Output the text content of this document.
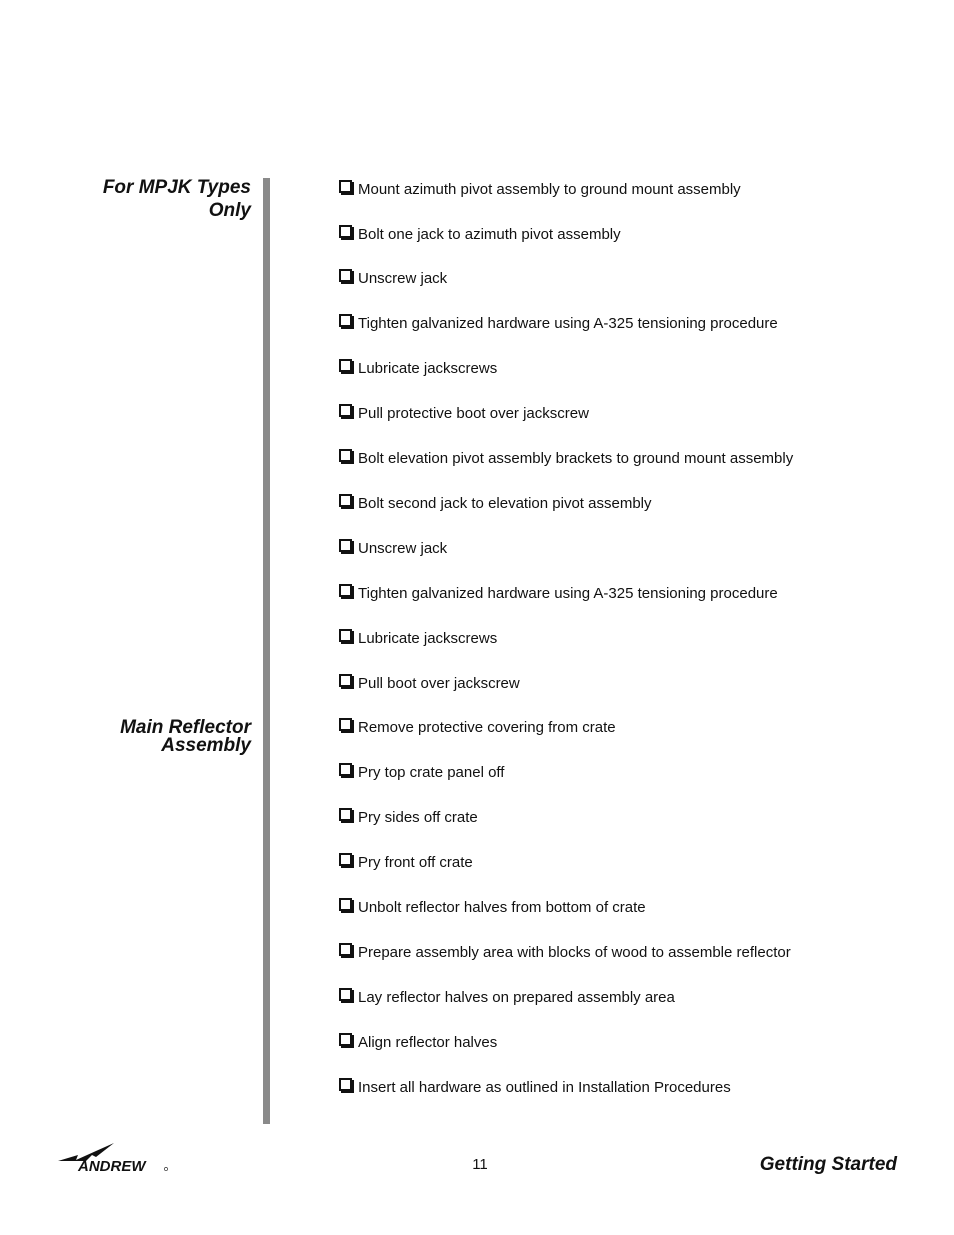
For MPJK Types
Only
Main Reflector
Assembly
Mount azimuth pivot assembly to ground mount assembly
Bolt one jack to azimuth pivot assembly
Unscrew jack
Tighten galvanized hardware using A-325 tensioning procedure
Lubricate jackscrews
Pull protective boot over jackscrew
Bolt elevation pivot assembly brackets to ground mount assembly
Bolt second jack to elevation pivot assembly
Unscrew jack
Tighten galvanized hardware using A-325 tensioning procedure
Lubricate jackscrews
Pull boot over jackscrew
Remove protective covering from crate
Pry top crate panel off
Pry sides off crate
Pry front off crate
Unbolt reflector halves from bottom of crate
Prepare assembly area with blocks of wood to assemble reflector
Lay reflector halves on prepared assembly area
Align reflector halves
Insert all hardware as outlined in Installation Procedures
ANDREW	11	Getting Started
